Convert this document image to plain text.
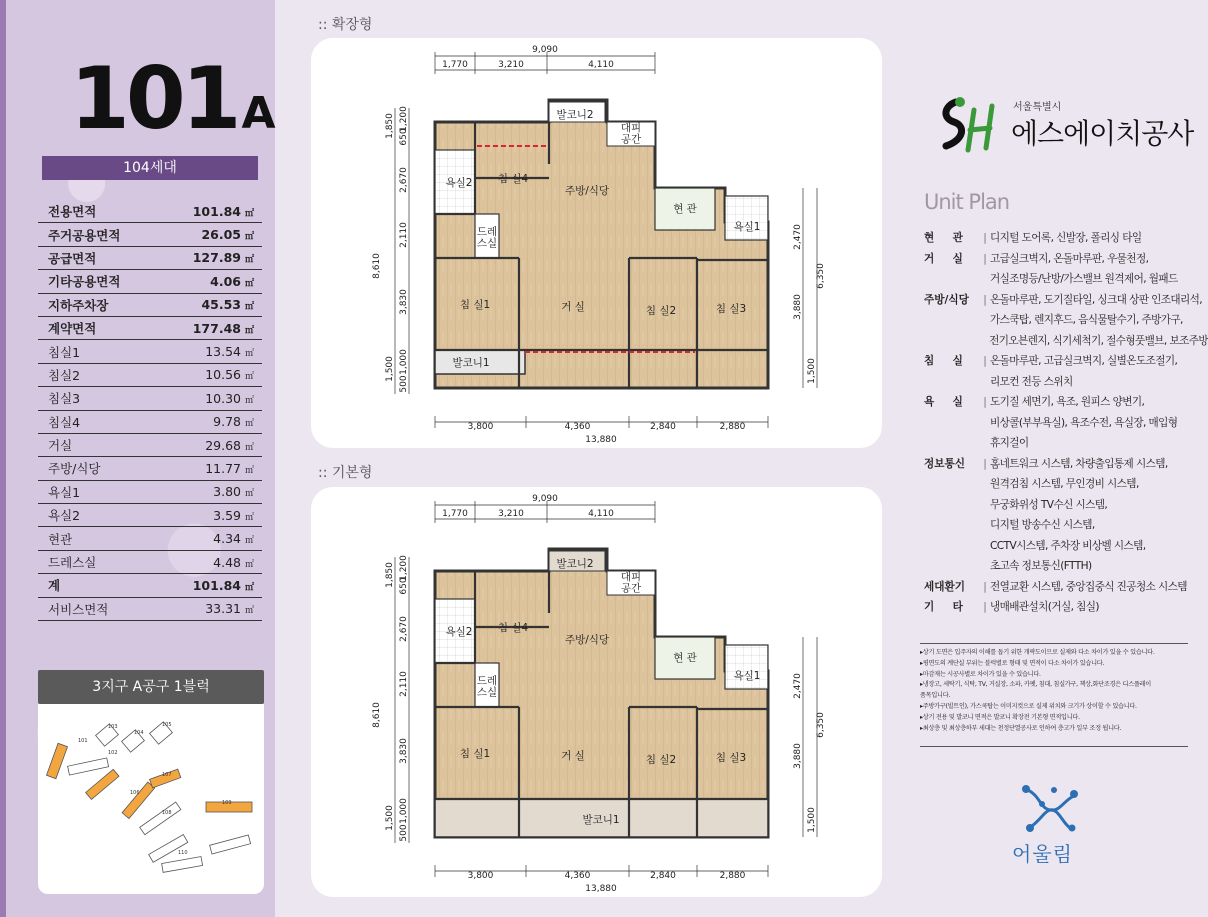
101A
104세대
전용면적	101.84 ㎡
주거공용면적	26.05 ㎡
공급면적	127.89 ㎡
기타공용면적	4.06 ㎡
지하주차장	45.53 ㎡
계약면적	177.48 ㎡
침실1	13.54 ㎡
침실2	10.56 ㎡
침실3	10.30 ㎡
침실4	9.78 ㎡
거실	29.68 ㎡
주방/식당	11.77 ㎡
욕실1	3.80 ㎡
욕실2	3.59 ㎡
현관	4.34 ㎡
드레스실	4.48 ㎡
계	101.84 ㎡
서비스면적	33.31 ㎡
3지구 A공구 1블럭
101
102
103
104
105
106
107
108
109
110
:: 확장형
9,090
1,770	3,210	4,110
3,800	4,360	2,840	2,880
13,880
1,850 1,200
650
2,670
2,110
3,830
1,500 1,000
500
8,610
2,470
3,880
1,500
6,350
발코니1
발코니2
대피 공간
욕실2
욕실1
현 관
드레 스실
침 실4
주방/식당
침 실1	거 실	침 실2	침 실3
:: 기본형
9,090
1,770	3,210	4,110
3,800	4,360	2,840	2,880
13,880
1,850 1,200
650
2,670
2,110
3,830
1,500 1,000
500
8,610
2,470
3,880
1,500
6,350
발코니1
발코니2
대피 공간
욕실2
욕실1
현 관
드레 스실
침 실4
주방/식당
침 실1	거 실	침 실2	침 실3
서울특별시
에스에이치공사
Unit Plan
현     관	| 디지털 도어록, 신발장, 폴리싱 타일
거     실	| 고급실크벽지, 온돌마루판, 우물천정,
거실조명등/난방/가스밸브 원격제어, 월패드
주방/식당	| 온돌마루판, 도기질타일, 싱크대 상판 인조대리석,
가스쿡탑, 렌지후드, 음식물탈수기, 주방가구,
전기오븐렌지, 식기세척기, 절수형풋밸브, 보조주방
침     실	| 온돌마루판, 고급실크벽지, 실별온도조절기,
리모컨 전등 스위치
욕     실	| 도기질 세면기, 욕조, 원피스 양변기,
비상콜(부부욕실), 욕조수전, 욕실장, 매입형
휴지걸이
정보통신	| 홈네트워크 시스템, 차량출입통제 시스템,
원격검침 시스템, 무인경비 시스템,
무궁화위성 TV수신 시스템,
디지털 방송수신 시스템,
CCTV시스템, 주차장 비상벨 시스템,
초고속 정보통신(FTTH)
세대환기	| 전열교환 시스템, 중앙집중식 진공청소 시스템
기     타	| 냉매배관설치(거실, 침실)
▸상기 도면은 입주자의 이해를 돕기 위한 개략도이므로 실제와 다소 차이가 있을 수 있습니다.
▸평면도의 계단실 부위는 블럭별로 형태 및 면적이 다소 차이가 있습니다.
▸마감재는 시공사별로 차이가 있을 수 있습니다.
▸냉장고, 세탁기, 식탁, TV, 거실장, 소파, 카펫, 침대, 침실가구, 책상,화단조경은 디스플레이
품목입니다.
▸주방가구(빌트인), 가스쿡탑는 이미지컷으로 실제 위치와 크기가 상이할 수 있습니다.
▸상기 전용 및 발코니 면적은 발코니 확장전 기본형 면적입니다.
▸최상층 및 최상층하부 세대는 천정단열공사로 인하여 층고가 일부 조정 됩니다.
어울림
